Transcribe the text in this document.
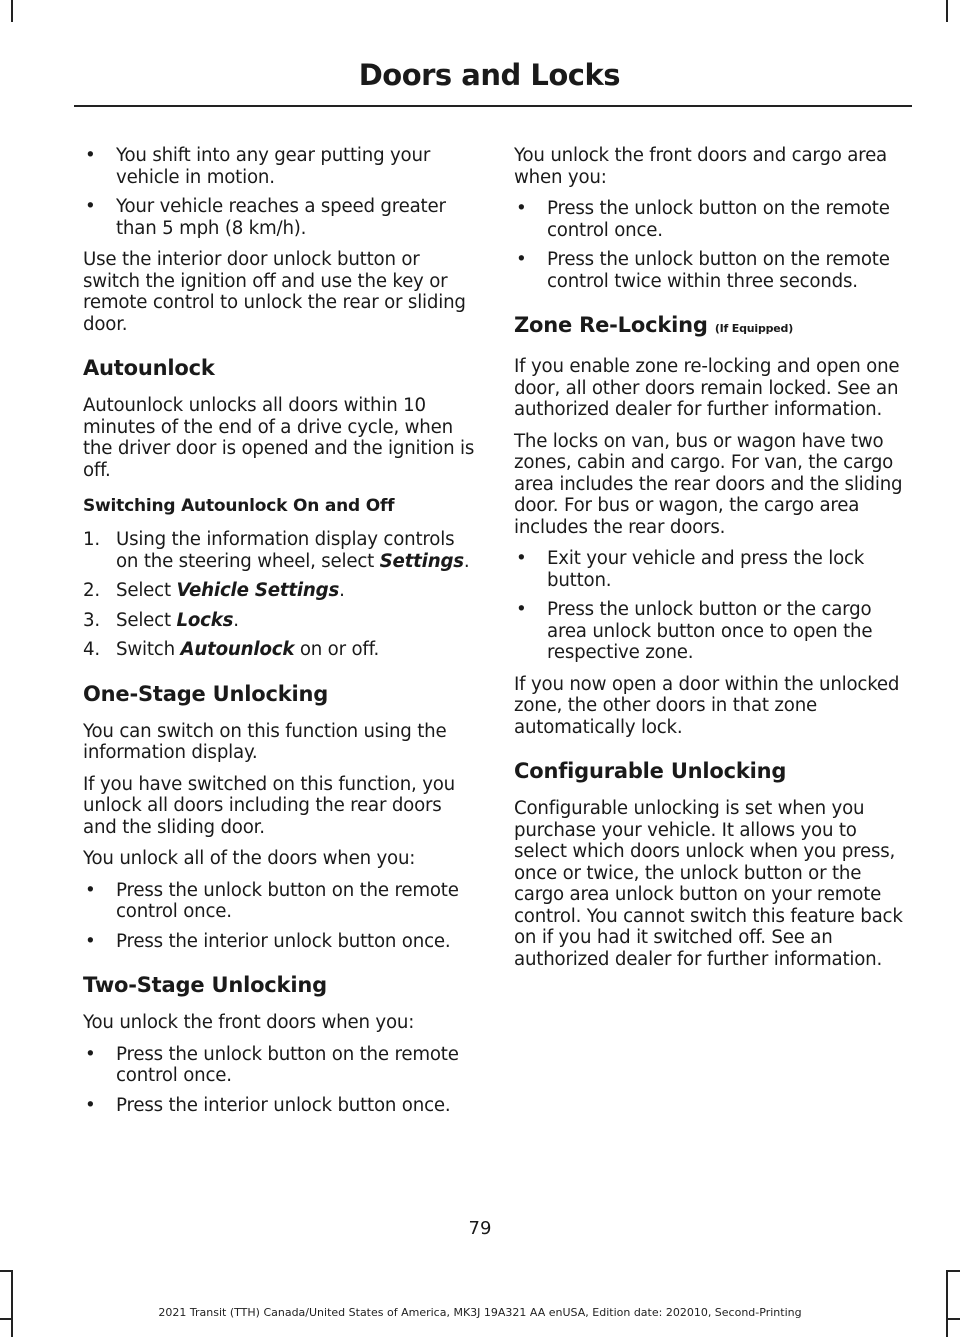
Doors and Locks
•	You shift into any gear putting your vehicle in motion.
•	Your vehicle reaches a speed greater than 5 mph (8 km/h).

Use the interior door unlock button or switch the ignition off and use the key or remote control to unlock the rear or sliding door.

Autounlock

Autounlock unlocks all doors within 10 minutes of the end of a drive cycle, when the driver door is opened and the ignition is off.

Switching Autounlock On and Off
1. Using the information display controls on the steering wheel, select Settings.
2. Select Vehicle Settings.
3. Select Locks.
4. Switch Autounlock on or off.
One-Stage Unlocking

You can switch on this function using the information display.

If you have switched on this function, you unlock all doors including the rear doors and the sliding door.

You unlock all of the doors when you:

•	Press the unlock button on the remote control once.
•	Press the interior unlock button once.
Two-Stage Unlocking

You unlock the front doors when you:

•	Press the unlock button on the remote control once.
•	Press the interior unlock button once.

You unlock the front doors and cargo area when you:

•	Press the unlock button on the remote control once.
•	Press the unlock button on the remote control twice within three seconds.
Zone Re-Locking (If Equipped)

If you enable zone re-locking and open one door, all other doors remain locked. See an authorized dealer for further information.

The locks on van, bus or wagon have two zones, cabin and cargo. For van, the cargo area includes the rear doors and the sliding door. For bus or wagon, the cargo area includes the rear doors.

•	Exit your vehicle and press the lock button.
•	Press the unlock button or the cargo area unlock button once to open the respective zone.

If you now open a door within the unlocked zone, the other doors in that zone automatically lock.

Configurable Unlocking

Configurable unlocking is set when you purchase your vehicle. It allows you to select which doors unlock when you press, once or twice, the unlock button or the cargo area unlock button on your remote control. You cannot switch this feature back on if you had it switched off. See an authorized dealer for further information.

79
2021 Transit (TTH) Canada/United States of America, MK3J 19A321 AA enUSA, Edition date: 202010, Second-Printing
